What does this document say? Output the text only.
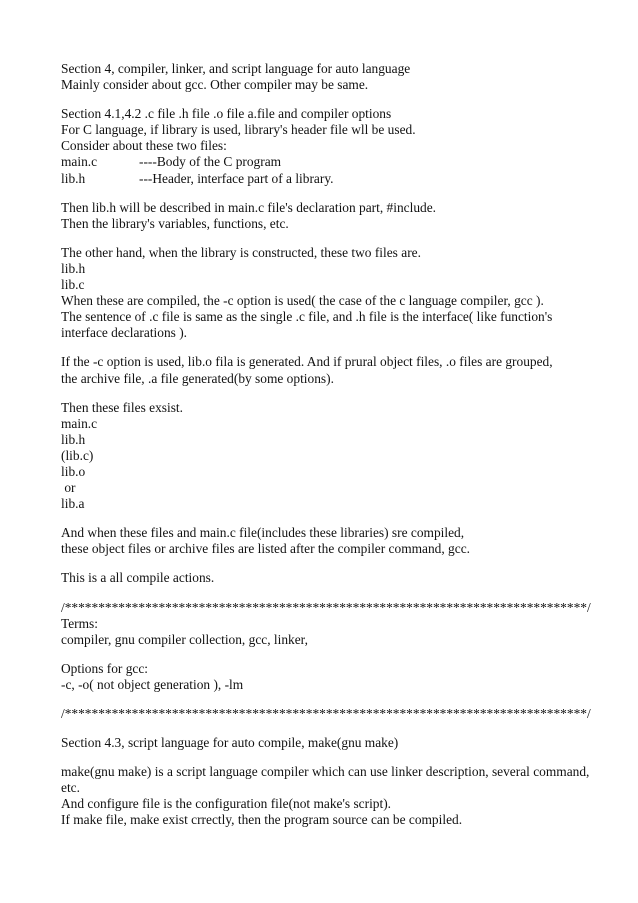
Section 4, compiler, linker, and script language for auto language
Mainly consider about gcc. Other compiler may be same.
Section 4.1,4.2 .c file .h file .o file a.file and compiler options
For C language, if library is used, library's header file wll be used.
Consider about these two files:
main.c	----Body of the C program
lib.h	---Header, interface part of a library.
Then lib.h will be described in main.c file's declaration part, #include.
Then the library's variables, functions, etc.
The other hand, when the library is constructed, these two files are.
lib.h
lib.c
When these are compiled, the -c option is used( the case of the c language compiler, gcc ).
The sentence of .c file is same as the single .c file, and .h file is the interface( like function's
interface declarations ).
If the -c option is used, lib.o fila is generated. And if prural object files, .o files are grouped,
the archive file, .a file generated(by some options).
Then these files exsist.
main.c
lib.h
(lib.c)
lib.o
or
lib.a
And when these files and main.c file(includes these libraries) sre compiled,
these object files or archive files are listed after the compiler command, gcc.
This is a all compile actions.
/******************************************************************************/
Terms:
compiler, gnu compiler collection, gcc, linker,
Options for gcc:
-c, -o( not object generation ), -lm
/******************************************************************************/
Section 4.3, script language for auto compile, make(gnu make)
make(gnu make) is a script language compiler which can use linker description, several command,
etc.
And configure file is the configuration file(not make's script).
If make file, make exist crrectly, then the program source can be compiled.
